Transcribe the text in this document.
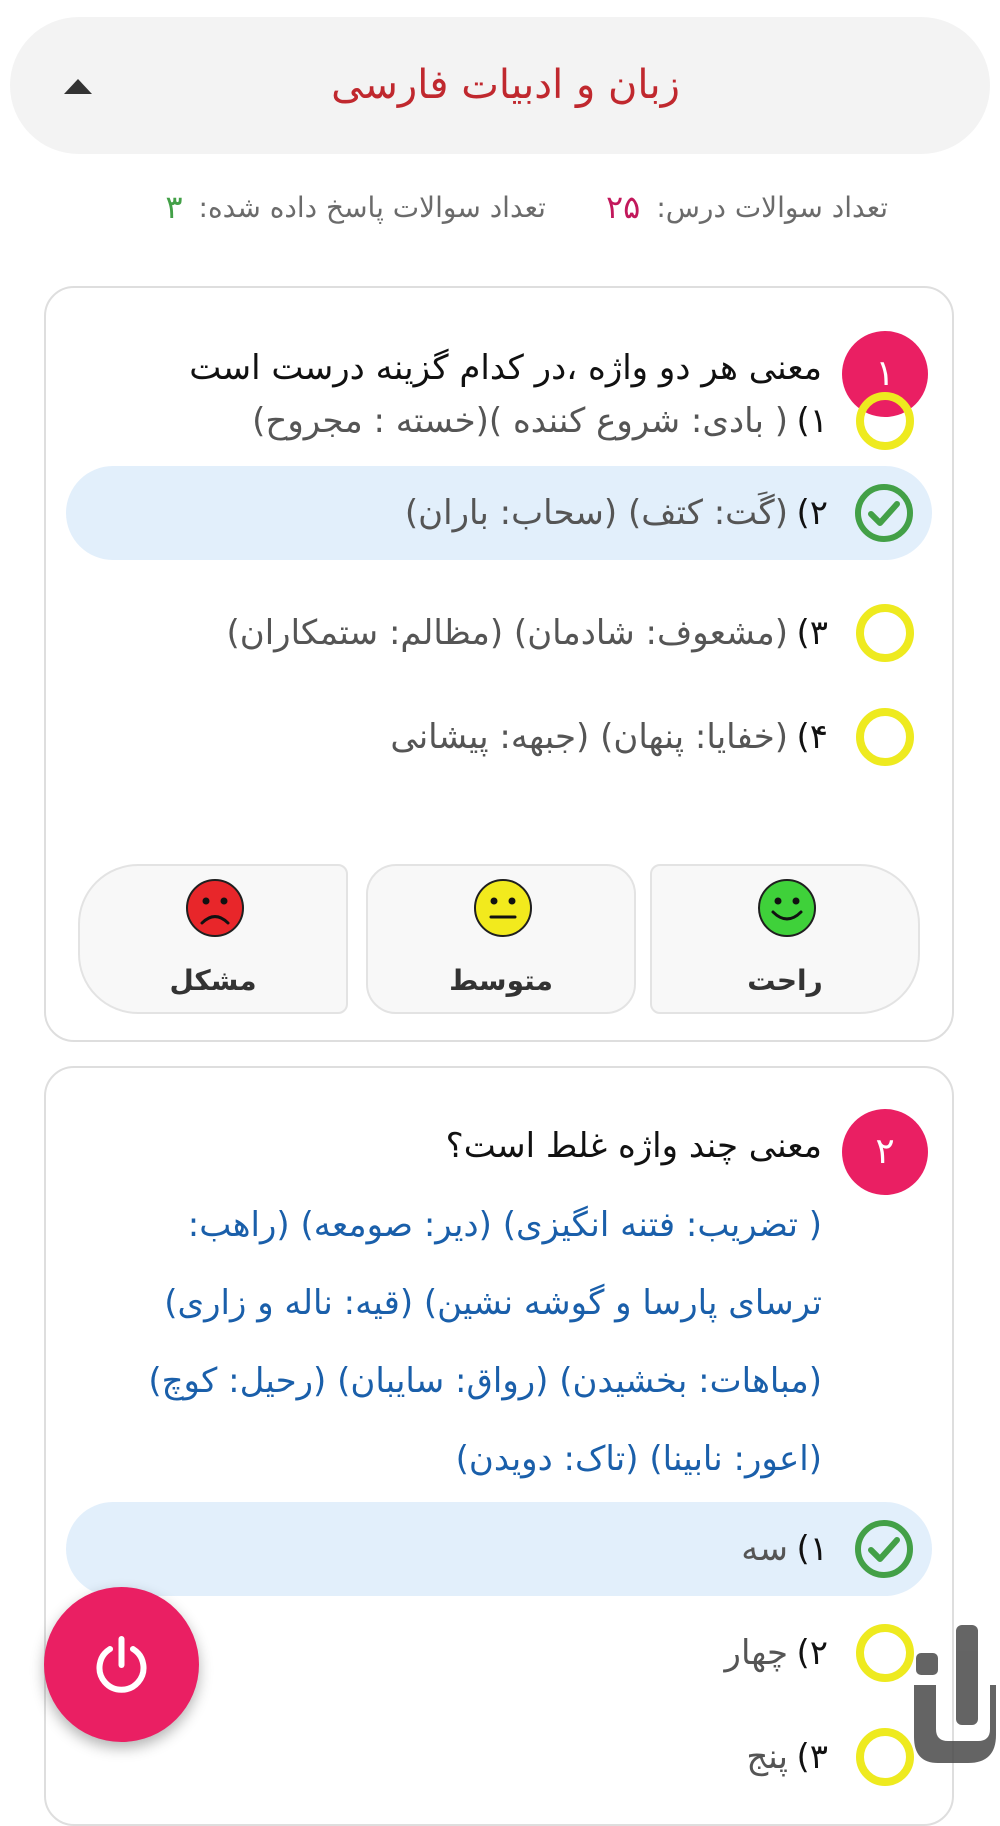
زبان و ادبیات فارسی
تعداد سوالات درس:
۲۵
تعداد سوالات پاسخ داده شده:
۳
۱
معنی هر دو واژه ،در کدام گزینه درست است
۱)
( بادی: شروع کننده )(خسته : مجروح)
۲)
(گَت: کتف) (سحاب: باران)
۳)
(مشعوف: شادمان) (مظالم: ستمکاران)
۴)
(خفایا: پنهان) (جبهه: پیشانی
راحت
متوسط
مشکل
۲
معنی چند واژه غلط است؟
( تضریب: فتنه انگیزی) (دیر: صومعه) (راهب: ترسای پارسا و گوشه نشین) (قیه: ناله و زاری) (مباهات: بخشیدن) (رواق: سایبان) (رحیل: کوچ) (اعور: نابینا) (تاک: دویدن)
۱)
سه
۲)
چهار
۳)
پنج
